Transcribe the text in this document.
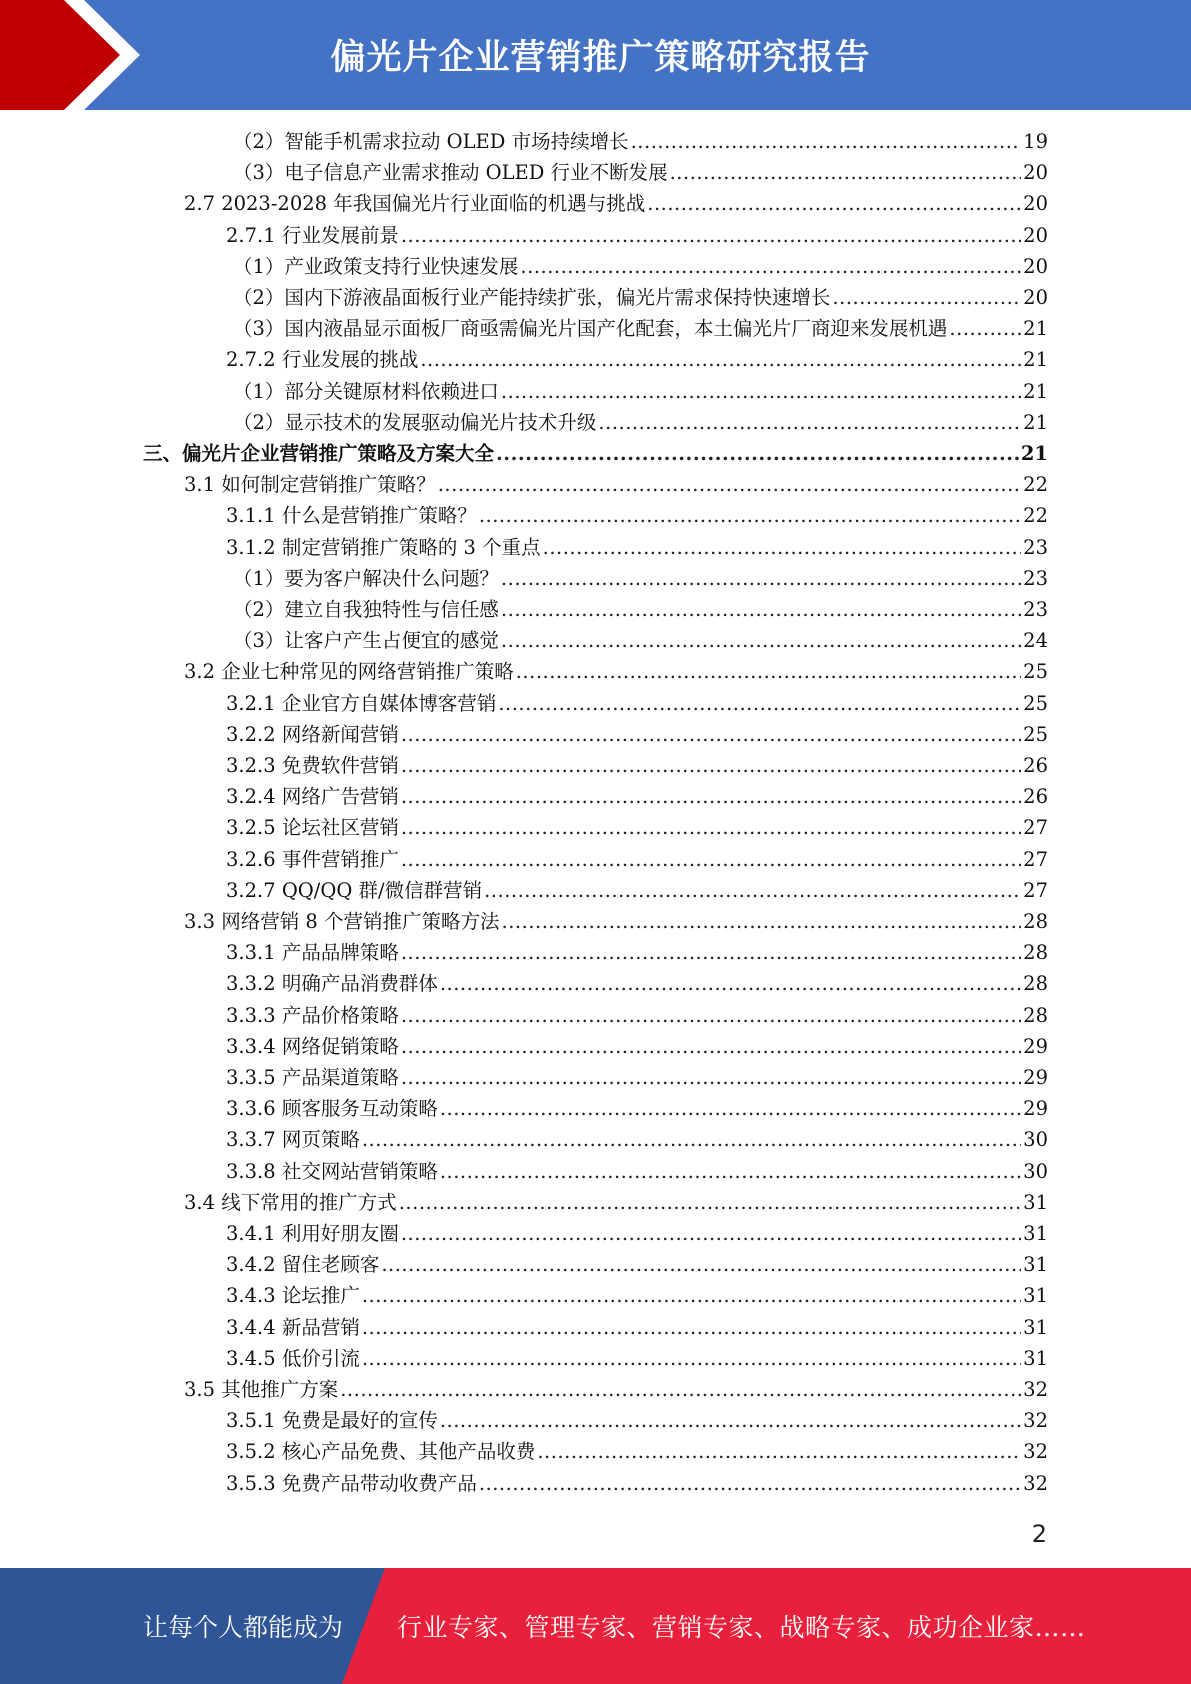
偏光片企业营销推广策略研究报告
（2）智能手机需求拉动 OLED 市场持续增长 .....	19
（3）电子信息产业需求推动 OLED 行业不断发展 .....	20
2.7 2023-2028 年我国偏光片行业面临的机遇与挑战 .....	20
2.7.1 行业发展前景 .....	20
（1）产业政策支持行业快速发展 .....	20
（2）国内下游液晶面板行业产能持续扩张，偏光片需求保持快速增长 .....	20
（3）国内液晶显示面板厂商亟需偏光片国产化配套，本土偏光片厂商迎来发展机遇 .....	21
2.7.2 行业发展的挑战 .....	21
（1）部分关键原材料依赖进口 .....	21
（2）显示技术的发展驱动偏光片技术升级 .....	21
三、偏光片企业营销推广策略及方案大全 .....	21
3.1 如何制定营销推广策略？ .....	22
3.1.1 什么是营销推广策略？ .....	22
3.1.2 制定营销推广策略的 3 个重点 .....	23
（1）要为客户解决什么问题？ .....	23
（2）建立自我独特性与信任感 .....	23
（3）让客户产生占便宜的感觉 .....	24
3.2 企业七种常见的网络营销推广策略 .....	25
3.2.1 企业官方自媒体博客营销 .....	25
3.2.2 网络新闻营销 .....	25
3.2.3 免费软件营销 .....	26
3.2.4 网络广告营销 .....	26
3.2.5 论坛社区营销 .....	27
3.2.6 事件营销推广 .....	27
3.2.7 QQ/QQ 群/微信群营销 .....	27
3.3 网络营销 8 个营销推广策略方法 .....	28
3.3.1 产品品牌策略 .....	28
3.3.2 明确产品消费群体 .....	28
3.3.3 产品价格策略 .....	28
3.3.4 网络促销策略 .....	29
3.3.5 产品渠道策略 .....	29
3.3.6 顾客服务互动策略 .....	29
3.3.7 网页策略 .....	30
3.3.8 社交网站营销策略 .....	30
3.4 线下常用的推广方式 .....	31
3.4.1 利用好朋友圈 .....	31
3.4.2 留住老顾客 .....	31
3.4.3 论坛推广 .....	31
3.4.4 新品营销 .....	31
3.4.5 低价引流 .....	31
3.5 其他推广方案 .....	32
3.5.1 免费是最好的宣传 .....	32
3.5.2 核心产品免费、其他产品收费 .....	32
3.5.3 免费产品带动收费产品 .....	32
2
让每个人都能成为 行业专家、管理专家、营销专家、战略专家、成功企业家……
